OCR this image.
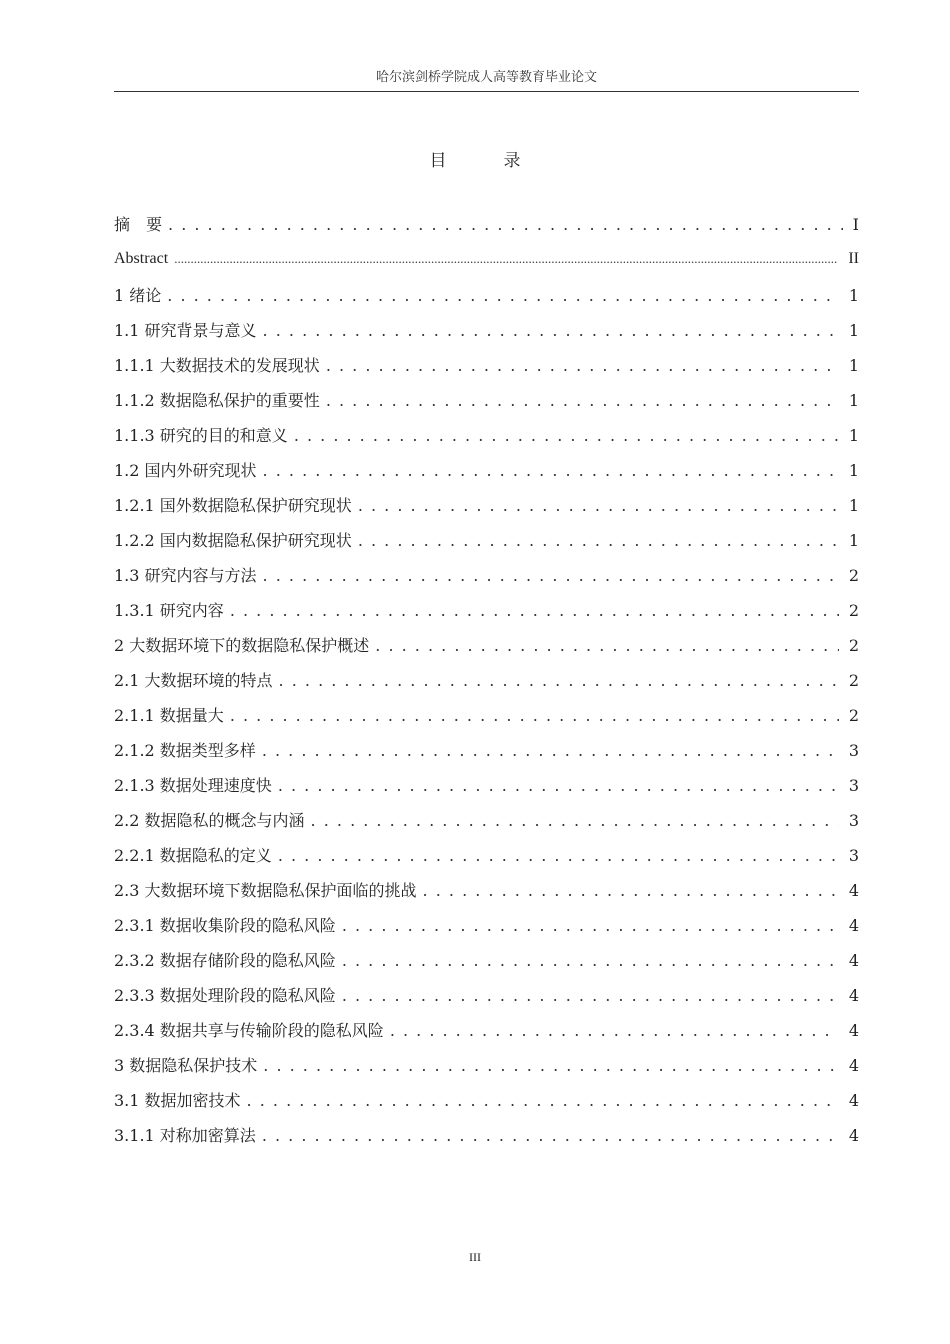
哈尔滨剑桥学院成人高等教育毕业论文
目　录
摘　要 . . .	I
Abstract .....	II
1 绪论 . . .	1
1.1 研究背景与意义 . . .	1
1.1.1 大数据技术的发展现状 . . .	1
1.1.2 数据隐私保护的重要性 . . .	1
1.1.3 研究的目的和意义 . . .	1
1.2 国内外研究现状 . . .	1
1.2.1 国外数据隐私保护研究现状 . . .	1
1.2.2 国内数据隐私保护研究现状 . . .	1
1.3 研究内容与方法 . . .	2
1.3.1 研究内容 . . .	2
2 大数据环境下的数据隐私保护概述 . . .	2
2.1 大数据环境的特点 . . .	2
2.1.1 数据量大 . . .	2
2.1.2 数据类型多样 . . .	3
2.1.3 数据处理速度快 . . .	3
2.2 数据隐私的概念与内涵 . . .	3
2.2.1 数据隐私的定义 . . .	3
2.3 大数据环境下数据隐私保护面临的挑战 . . .	4
2.3.1 数据收集阶段的隐私风险 . . .	4
2.3.2 数据存储阶段的隐私风险 . . .	4
2.3.3 数据处理阶段的隐私风险 . . .	4
2.3.4 数据共享与传输阶段的隐私风险 . . .	4
3 数据隐私保护技术 . . .	4
3.1 数据加密技术 . . .	4
3.1.1 对称加密算法 . . .	4
III
